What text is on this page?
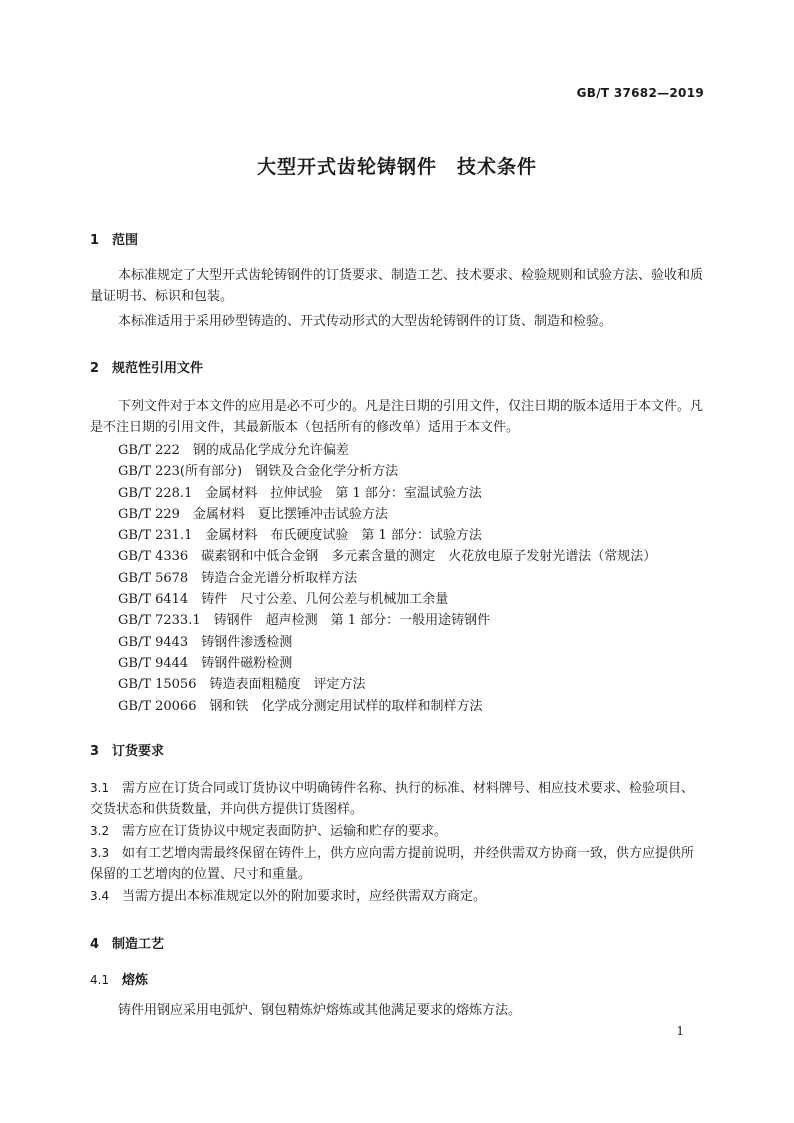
GB/T 37682—2019
大型开式齿轮铸钢件　技术条件
1 范围
本标准规定了大型开式齿轮铸钢件的订货要求、制造工艺、技术要求、检验规则和试验方法、验收和质量证明书、标识和包装。
本标准适用于采用砂型铸造的、开式传动形式的大型齿轮铸钢件的订货、制造和检验。
2 规范性引用文件
下列文件对于本文件的应用是必不可少的。凡是注日期的引用文件，仅注日期的版本适用于本文件。凡是不注日期的引用文件，其最新版本（包括所有的修改单）适用于本文件。
GB/T 222　钢的成品化学成分允许偏差
GB/T 223(所有部分)　钢铁及合金化学分析方法
GB/T 228.1　金属材料　拉伸试验　第 1 部分：室温试验方法
GB/T 229　金属材料　夏比摆锤冲击试验方法
GB/T 231.1　金属材料　布氏硬度试验　第 1 部分：试验方法
GB/T 4336　碳素钢和中低合金钢　多元素含量的测定　火花放电原子发射光谱法（常规法）
GB/T 5678　铸造合金光谱分析取样方法
GB/T 6414　铸件　尺寸公差、几何公差与机械加工余量
GB/T 7233.1　铸钢件　超声检测　第 1 部分：一般用途铸钢件
GB/T 9443　铸钢件渗透检测
GB/T 9444　铸钢件磁粉检测
GB/T 15056　铸造表面粗糙度　评定方法
GB/T 20066　钢和铁　化学成分测定用试样的取样和制样方法
3 订货要求
3.1 需方应在订货合同或订货协议中明确铸件名称、执行的标准、材料牌号、相应技术要求、检验项目、交货状态和供货数量，并向供方提供订货图样。
3.2 需方应在订货协议中规定表面防护、运输和贮存的要求。
3.3 如有工艺增肉需最终保留在铸件上，供方应向需方提前说明，并经供需双方协商一致，供方应提供所保留的工艺增肉的位置、尺寸和重量。
3.4 当需方提出本标准规定以外的附加要求时，应经供需双方商定。
4 制造工艺
4.1 熔炼
铸件用钢应采用电弧炉、钢包精炼炉熔炼或其他满足要求的熔炼方法。
1
